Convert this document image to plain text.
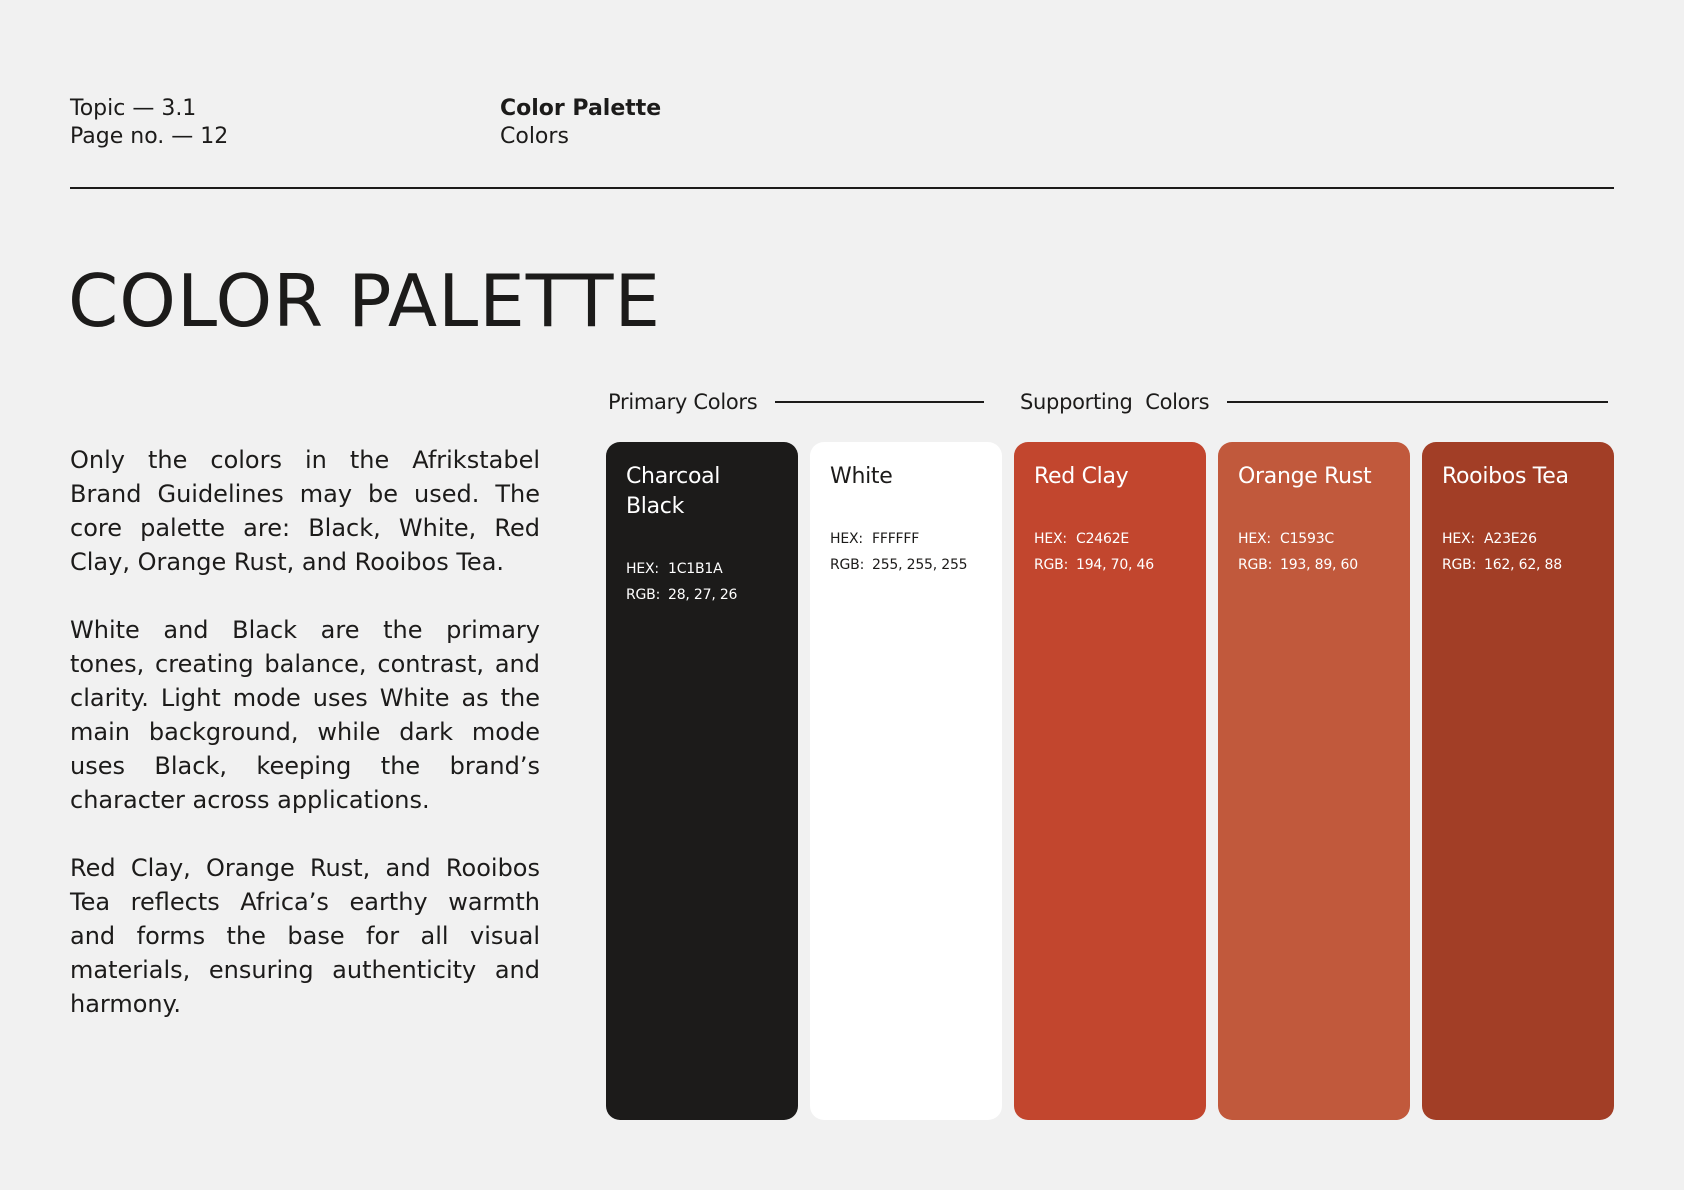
Topic — 3.1
Page no. — 12
Color Palette
Colors
COLOR PALETTE

Only the colors in the Afrikstabel Brand Guidelines may be used. The core palette are: Black, White, Red Clay, Orange Rust, and Rooibos Tea.

White and Black are the primary tones, creating balance, contrast, and clarity. Light mode uses White as the main background, while dark mode uses Black, keeping the brand’s character across applications.

Red Clay, Orange Rust, and Rooibos Tea reflects Africa’s earthy warmth and forms the base for all visual materials, ensuring authenticity and harmony.

Primary Colors	Supporting  Colors
Charcoal Black
HEX: 1C1B1A
RGB: 28, 27, 26
White
HEX: FFFFFF
RGB: 255, 255, 255
Red Clay
HEX: C2462E
RGB: 194, 70, 46
Orange Rust
HEX: C1593C
RGB: 193, 89, 60
Rooibos Tea
HEX: A23E26
RGB: 162, 62, 88
